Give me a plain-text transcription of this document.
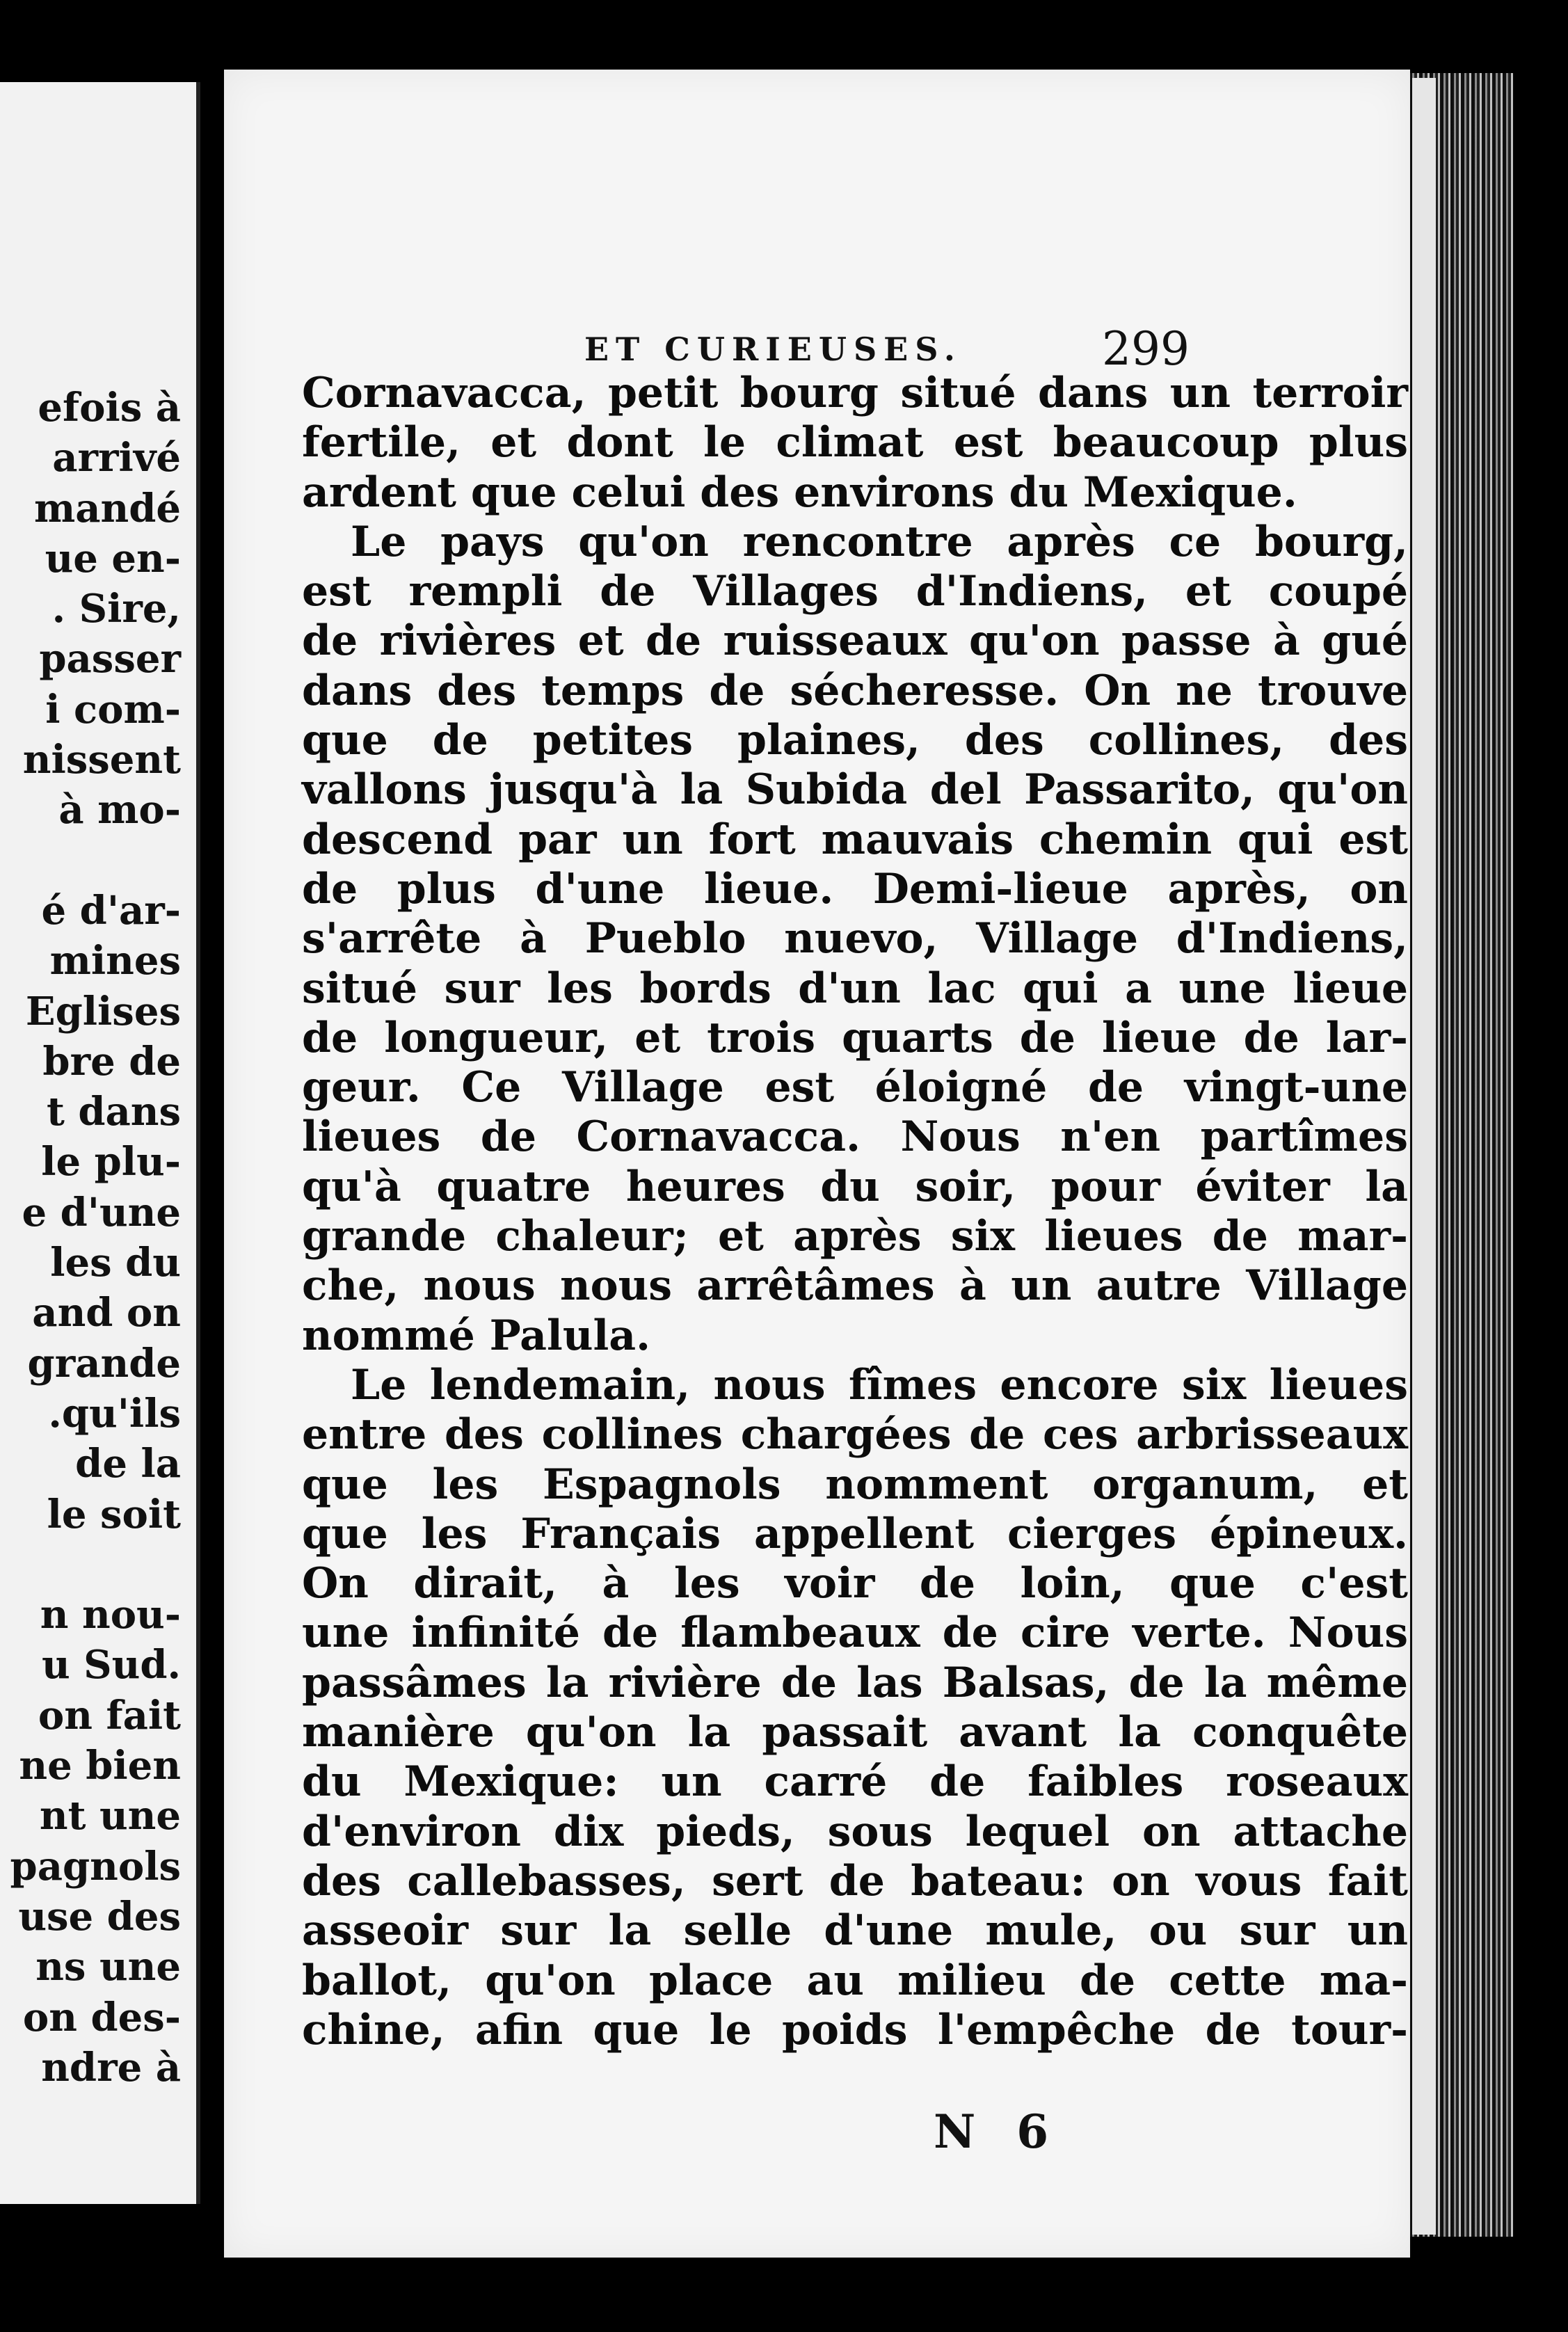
efois à
arrivé
mandé
ue en-
. Sire,
passer
i com-
nissent
à mo-
é d'ar-
mines
Eglises
bre de
t dans
le plu-
e d'une
les du
and on
grande
.qu'ils
de la
le soit
n nou-
u Sud.
on fait
ne bien
nt une
pagnols
use des
ns une
on des-
ndre à
ET CURIEUSES.	299
Cornavacca, petit bourg situé dans un terroir
fertile, et dont le climat est beaucoup plus
ardent que celui des environs du Mexique.
Le pays qu'on rencontre après ce bourg,
est rempli de Villages d'Indiens, et coupé
de rivières et de ruisseaux qu'on passe à gué
dans des temps de sécheresse. On ne trouve
que de petites plaines, des collines, des
vallons jusqu'à la Subida del Passarito, qu'on
descend par un fort mauvais chemin qui est
de plus d'une lieue. Demi-lieue après, on
s'arrête à Pueblo nuevo, Village d'Indiens,
situé sur les bords d'un lac qui a une lieue
de longueur, et trois quarts de lieue de lar-
geur. Ce Village est éloigné de vingt-une
lieues de Cornavacca. Nous n'en partîmes
qu'à quatre heures du soir, pour éviter la
grande chaleur; et après six lieues de mar-
che, nous nous arrêtâmes à un autre Village
nommé Palula.
Le lendemain, nous fîmes encore six lieues
entre des collines chargées de ces arbrisseaux
que les Espagnols nomment organum, et
que les Français appellent cierges épineux.
On dirait, à les voir de loin, que c'est
une infinité de flambeaux de cire verte. Nous
passâmes la rivière de las Balsas, de la même
manière qu'on la passait avant la conquête
du Mexique: un carré de faibles roseaux
d'environ dix pieds, sous lequel on attache
des callebasses, sert de bateau: on vous fait
asseoir sur la selle d'une mule, ou sur un
ballot, qu'on place au milieu de cette ma-
chine, afin que le poids l'empêche de tour-
N 6
